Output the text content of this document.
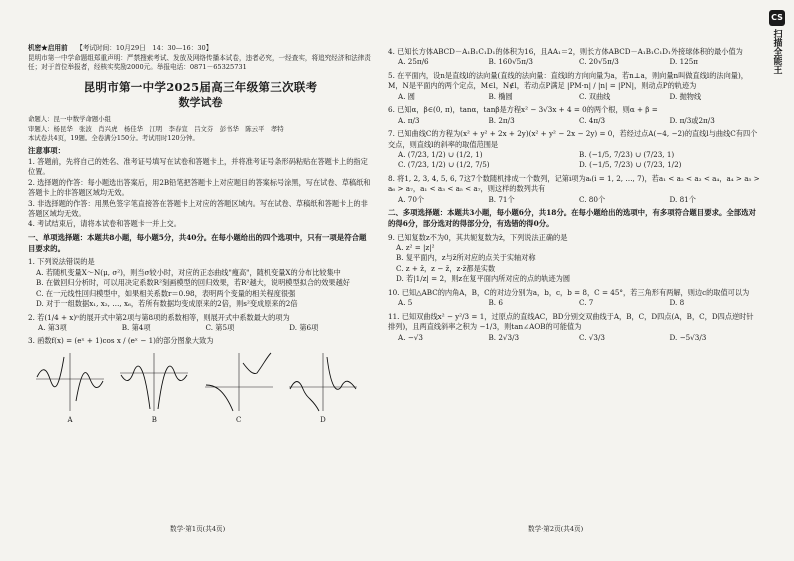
机密★启用前　 【考试时间：10月29日　14：30—16：30】
昆明市第一中学命题组郑重声明：严禁搜索考试、发放及网络传播本试卷，违者必究，一经查实，将追究经济和法律责任；对于首位举报者，经核实奖励2000元。举报电话：0871－65325731
昆明市第一中学2025届高三年级第三次联考
数学试卷
命题人：昆一中数学命题小组
审题人：杨昆华　张波　肖兴虎　杨佳华　江明　李春宣　吕文芬　彭书华　陈云平　孝特
本试卷共4页，19题。全卷满分150分。考试用时120分钟。
注意事项：
1. 答题前，先将自己的姓名、准考证号填写在试卷和答题卡上，并将准考证号条形码粘贴在答题卡上的指定位置。
2. 选择题的作答：每小题选出答案后，用2B铅笔把答题卡上对应题目的答案标号涂黑，写在试卷、草稿纸和答题卡上的非答题区域均无效。
3. 非选择题的作答：用黑色签字笔直接答在答题卡上对应的答题区域内。写在试卷、草稿纸和答题卡上的非答题区域均无效。
4. 考试结束后，请将本试卷和答题卡一并上交。
一、单项选择题：本题共8小题，每小题5分，共40分。在每小题给出的四个选项中，只有一项是符合题目要求的。
1. 下列说法错误的是
A. 若随机变量X～N(μ, σ²)，则当σ较小时，对应的正态曲线"瘦高"，随机变量X的分布比较集中
B. 在做回归分析时，可以用决定系数R²刻画模型的回归效果，若R²越大，说明模型拟合的效果越好
C. 在一元线性回归模型中，如果相关系数r＝0.98，表明两个变量的相关程度很强
D. 对于一组数据x₁, x₂, …, x₆，若所有数据均变成原来的2倍，则s²变成原来的2倍
2. 若(1/4 + x)ⁿ的展开式中第2项与第8项的系数相等，则展开式中系数最大的项为
A. 第3项	B. 第4项	C. 第5项	D. 第6项
3. 函数f(x) = (eˣ + 1)cos x / (eˣ − 1)的部分图象大致为
A	B	C	D
数学·第1页(共4页)
4. 已知长方体ABCD－A₁B₁C₁D₁的体积为16，且AA₁＝2，则长方体ABCD－A₁B₁C₁D₁外接球体积的最小值为
A. 25π/6	B. 160√5π/3	C. 20√5π/3	D. 125π
5. 在平面内，设n是直线l的法向量(直线的法向量：直线l的方向向量为a，若n⊥a，则向量n叫做直线l的法向量)，M，N是平面内的两个定点，M∈l，N∉l，若动点P满足 |PM·n| / |n| = |PN|，则动点P的轨迹为
A. 圆	B. 椭圆	C. 双曲线	D. 抛物线
6. 已知α，β∈(0, π)，tanα，tanβ是方程x² − 3√3x + 4 = 0的两个根，则α + β =
A. π/3	B. 2π/3	C. 4π/3	D. π/3或2π/3
7. 已知曲线C的方程为(x² + y² + 2x + 2y)(x² + y² − 2x − 2y) = 0，若经过点A(−4, −2)的直线l与曲线C有四个交点，则直线l的斜率的取值范围是
A. (7/23, 1/2) ∪ (1/2, 1)	B. (−1/5, 7/23) ∪ (7/23, 1)
C. (7/23, 1/2) ∪ (1/2, 7/5)	D. (−1/5, 7/23) ∪ (7/23, 1/2)
8. 将1, 2, 3, 4, 5, 6, 7这7个数随机排成一个数列，记第i项为aᵢ(i = 1, 2, …, 7)，若a₁ < a₂ < a₃ < a₄，a₄ > a₅ > a₆ > a₇，a₁ < a₃ < a₅ < a₇，则这样的数列共有
A. 70个	B. 71个	C. 80个	D. 81个
二、多项选择题：本题共3小题，每小题6分，共18分。在每小题给出的选项中，有多项符合题目要求。全部选对的得6分，部分选对的得部分分，有选错的得0分。
9. 已知复数z不为0，其共轭复数为z̄，下列说法正确的是
A. z² = |z|²
B. 复平面内，z与z̄所对应的点关于实轴对称
C. z + z̄，z − z̄，z·z̄都是实数
D. 若|1/z| = 2，则z在复平面内所对应的点的轨迹为圆
10. 已知△ABC的内角A，B，C的对边分别为a，b，c，b = 8，C = 45°，若三角形有两解，则边c的取值可以为
A. 5	B. 6	C. 7	D. 8
11. 已知双曲线x² − y²/3 = 1，过原点的直线AC，BD分别交双曲线于A，B，C，D四点(A，B，C，D四点逆时针排列)，且两直线斜率之积为 −1/3，则tan∠AOB的可能值为
A. −√3	B. 2√3/3	C. √3/3	D. −5√3/3
数学·第2页(共4页)
CS
扫描全能王
